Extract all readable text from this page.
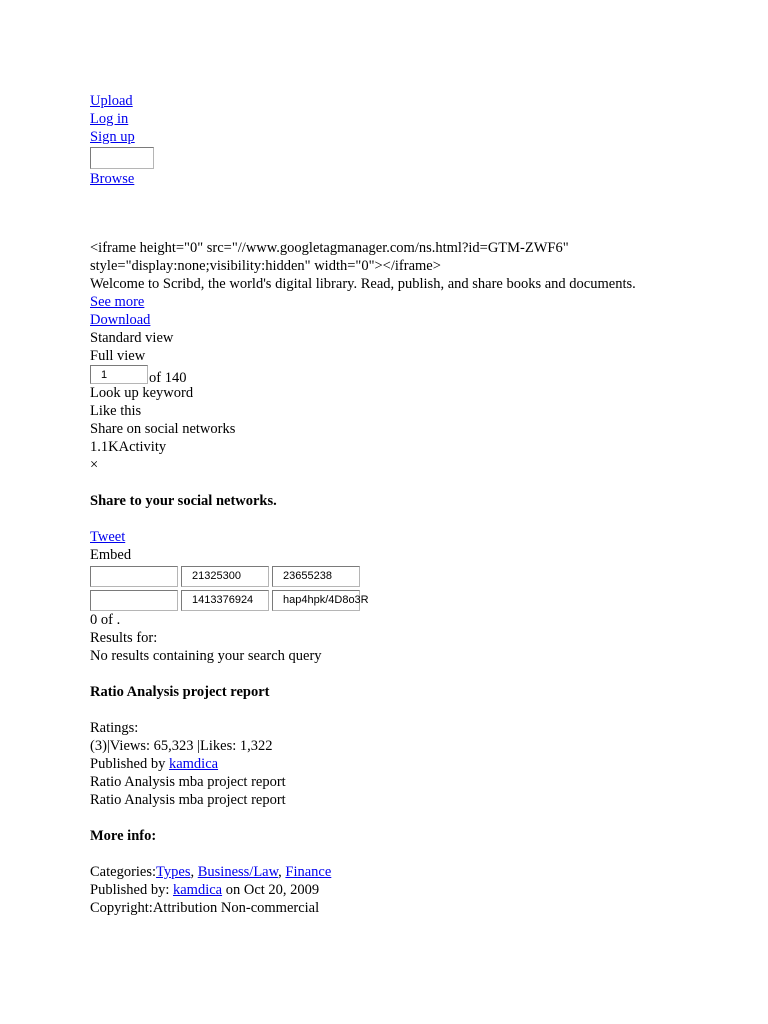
Upload
Log in
Sign up
Browse
<iframe height="0" src="//www.googletagmanager.com/ns.html?id=GTM-ZWF6"
style="display:none;visibility:hidden" width="0"></iframe>
Welcome to Scribd, the world's digital library. Read, publish, and share books and documents.
See more
Download
Standard view
Full view
1
of 140
Look up keyword
Like this
Share on social networks
1.1KActivity
×
Share to your social networks.
Tweet
Embed
21325300	23655238
1413376924	hap4hpk/4D8o3R
0 of .
Results for:
No results containing your search query
Ratio Analysis project report
Ratings:
(3)|Views: 65,323 |Likes: 1,322
Published by kamdica
Ratio Analysis mba project report
Ratio Analysis mba project report
More info:
Categories:Types, Business/Law, Finance
Published by: kamdica on Oct 20, 2009
Copyright:Attribution Non-commercial
